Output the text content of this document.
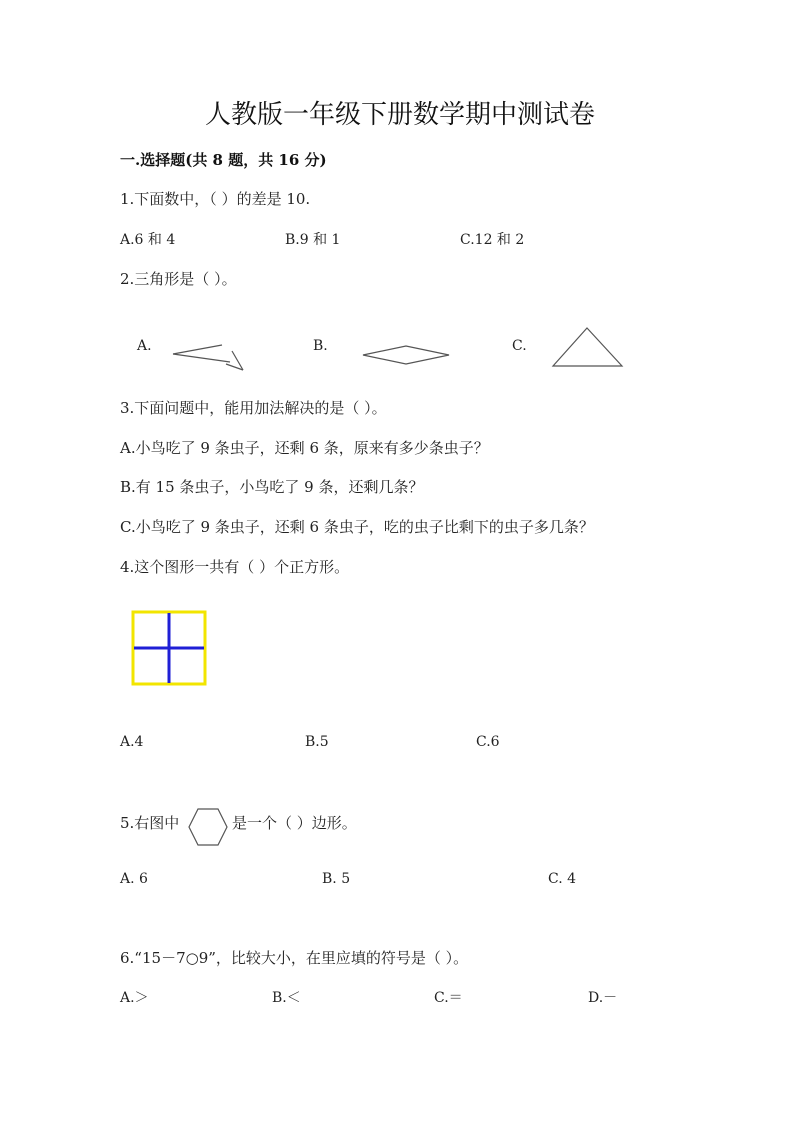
人教版一年级下册数学期中测试卷
一.选择题(共 8 题，共 16 分)
1.下面数中，（ ）的差是 10.
A.6 和 4	B.9 和 1	C.12 和 2
2.三角形是（ ）。
A.	B.	C.
3.下面问题中，能用加法解决的是（ ）。
A.小鸟吃了 9 条虫子，还剩 6 条，原来有多少条虫子？
B.有 15 条虫子，小鸟吃了 9 条，还剩几条？
C.小鸟吃了 9 条虫子，还剩 6 条虫子，吃的虫子比剩下的虫子多几条？
4.这个图形一共有（ ）个正方形。
A.4	B.5	C.6
5.右图中	是一个（ ）边形。
A. 6	B. 5	C. 4
6.“15－7○9”，比较大小，在里应填的符号是（ ）。
A.＞	B.＜	C.＝	D.－
